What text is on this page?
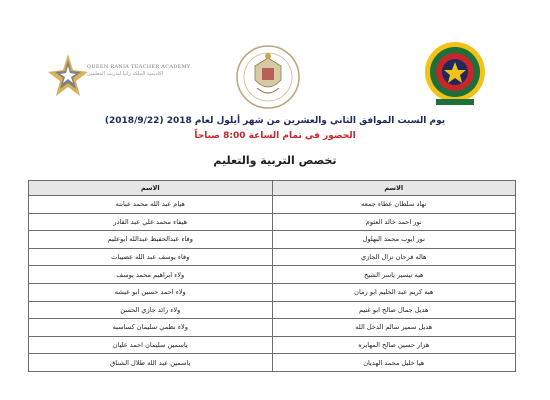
QUEEN RANIA TEACHER ACADEMY
أكاديمية الملكة رانيا لتدريب المعلمين
يوم السبت الموافق الثاني والعشرين من شهر أيلول لعام 2018 (2018/9/22)
الحضور في تمام الساعة 8:00 صباحاً
تخصص التربية والتعليم
الاسم	الاسم
نهاد سلطان عطاء جمعه	هيام عبد الله محمد عبابنه
نور احمد خالد العثوم	هيفاء محمد علي عبد القادر
نور ايوب محمد البهلول	وفاء عبدالحفيظ عبدالله ابوعليم
هاله فرحان نزال الجازي	وفاء يوسف عبد الله عضيبات
هبه تيسير ياسر الشيخ	ولاء ابراهيم محمد يوسف
هبه كريم عبد الحليم ابو رمان	ولاء احمد حسين ابو عيشه
هديل جمال صالح ابو غنيم	ولاء رائد جازي الحسن
هديل سمير سالم الدخل الله	ولاء نظمي سليمان كساسبه
هزار حسين صالح المهايره	ياسمين سليمان احمد عليان
هيا خليل محمد الهديان	ياسمين عبد الله طلال الشناق
